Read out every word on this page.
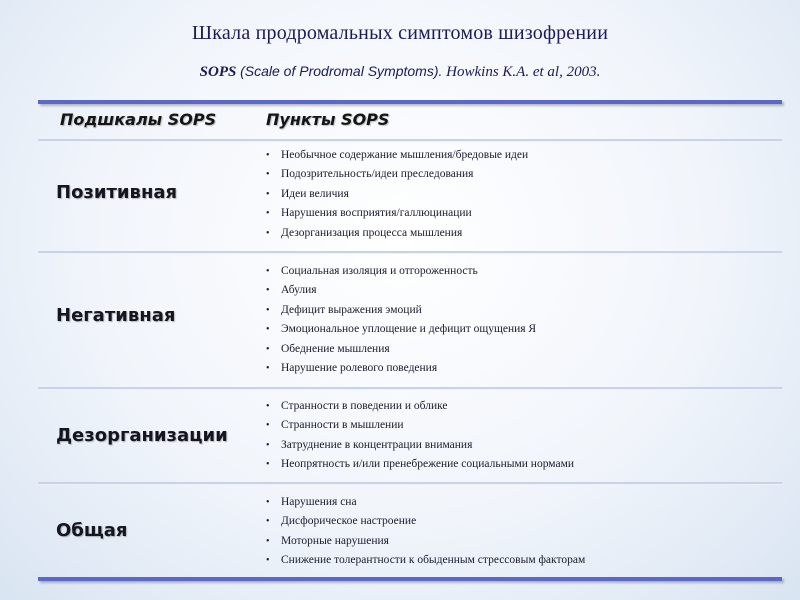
Шкала продромальных симптомов шизофрении
SOPS (Scale of Prodromal Symptoms). Howkins K.A. et al, 2003.
Подшкалы SOPS	Пункты SOPS
Позитивная
• Необычное содержание мышления/бредовые идеи
• Подозрительность/идеи преследования
• Идеи величия
• Нарушения восприятия/галлюцинации
• Дезорганизация процесса мышления
Негативная
• Социальная изоляция и отгороженность
• Абулия
• Дефицит выражения эмоций
• Эмоциональное уплощение и дефицит ощущения Я
• Обеднение мышления
• Нарушение ролевого поведения
Дезорганизации
• Странности в поведении и облике
• Странности в мышлении
• Затруднение в концентрации внимания
• Неопрятность и/или пренебрежение социальными нормами
Общая
• Нарушения сна
• Дисфорическое настроение
• Моторные нарушения
• Снижение толерантности к обыденным стрессовым факторам
